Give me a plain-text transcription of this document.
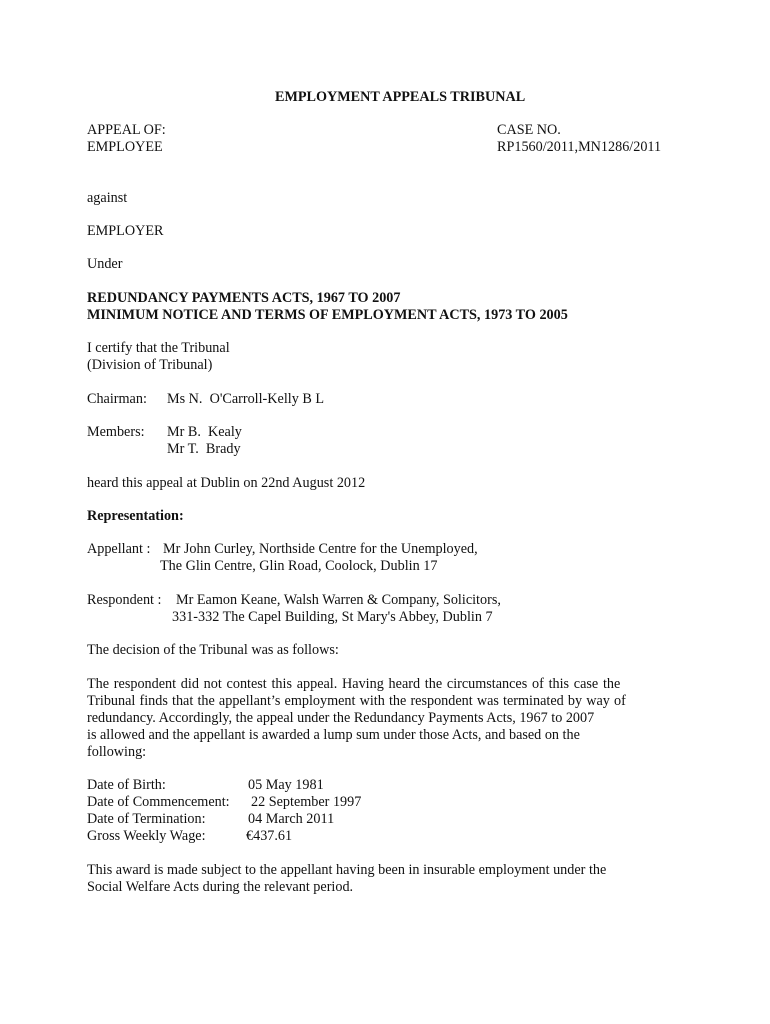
EMPLOYMENT APPEALS TRIBUNAL
APPEAL OF:
EMPLOYEE
CASE NO.
RP1560/2011,MN1286/2011
against
EMPLOYER
Under
REDUNDANCY PAYMENTS ACTS, 1967 TO 2007
MINIMUM NOTICE AND TERMS OF EMPLOYMENT ACTS, 1973 TO 2005
I certify that the Tribunal
(Division of Tribunal)
Chairman: Ms N.  O'Carroll-Kelly B L
Members: Mr B.  Kealy
Mr T.  Brady
heard this appeal at Dublin on 22nd August 2012
Representation:
Appellant : Mr John Curley, Northside Centre for the Unemployed,
The Glin Centre, Glin Road, Coolock, Dublin 17
Respondent : Mr Eamon Keane, Walsh Warren & Company, Solicitors,
331-332 The Capel Building, St Mary's Abbey, Dublin 7
The decision of the Tribunal was as follows:
The respondent did not contest this appeal. Having heard the circumstances of this case the
Tribunal finds that the appellant’s employment with the respondent was terminated by way of
redundancy. Accordingly, the appeal under the Redundancy Payments Acts, 1967 to 2007
is allowed and the appellant is awarded a lump sum under those Acts, and based on the
following:
Date of Birth:	05 May 1981
Date of Commencement: 22 September 1997
Date of Termination:	04 March 2011
Gross Weekly Wage:	€437.61
This award is made subject to the appellant having been in insurable employment under the
Social Welfare Acts during the relevant period.
